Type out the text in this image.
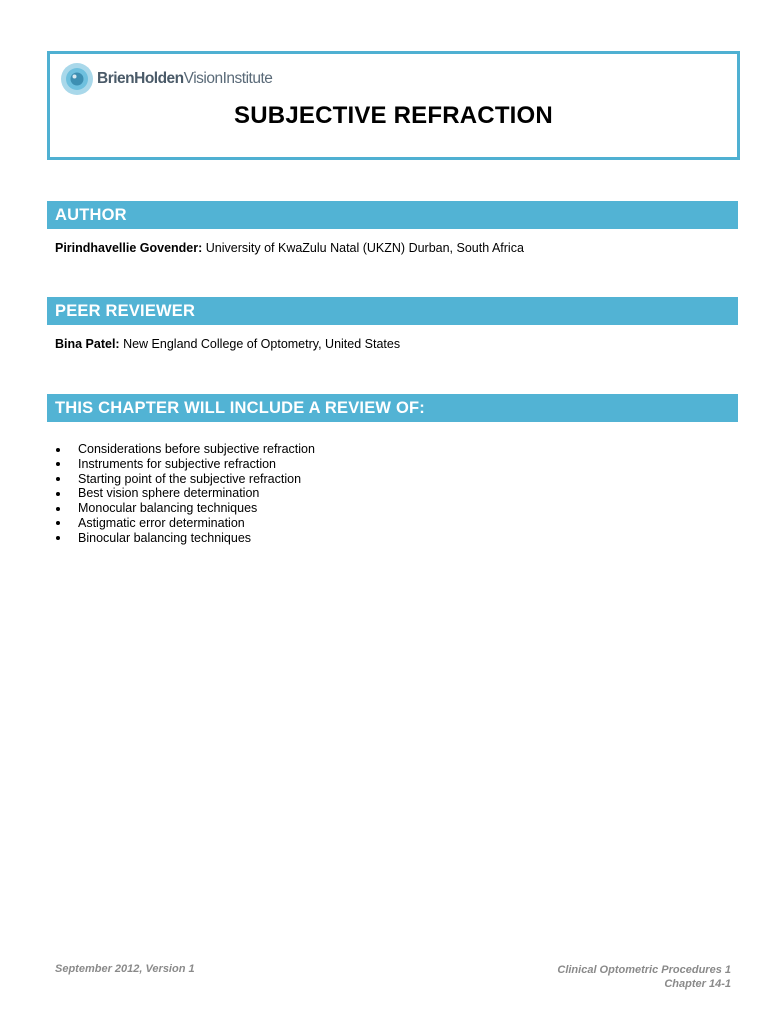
BrienHoldenVisionInstitute
SUBJECTIVE REFRACTION
AUTHOR
Pirindhavellie Govender: University of KwaZulu Natal (UKZN) Durban, South Africa
PEER REVIEWER
Bina Patel: New England College of Optometry, United States
THIS CHAPTER WILL INCLUDE A REVIEW OF:
Considerations before subjective refraction
Instruments for subjective refraction
Starting point of the subjective refraction
Best vision sphere determination
Monocular balancing techniques
Astigmatic error determination
Binocular balancing techniques
September 2012, Version 1	Clinical Optometric Procedures 1
Chapter 14-1
